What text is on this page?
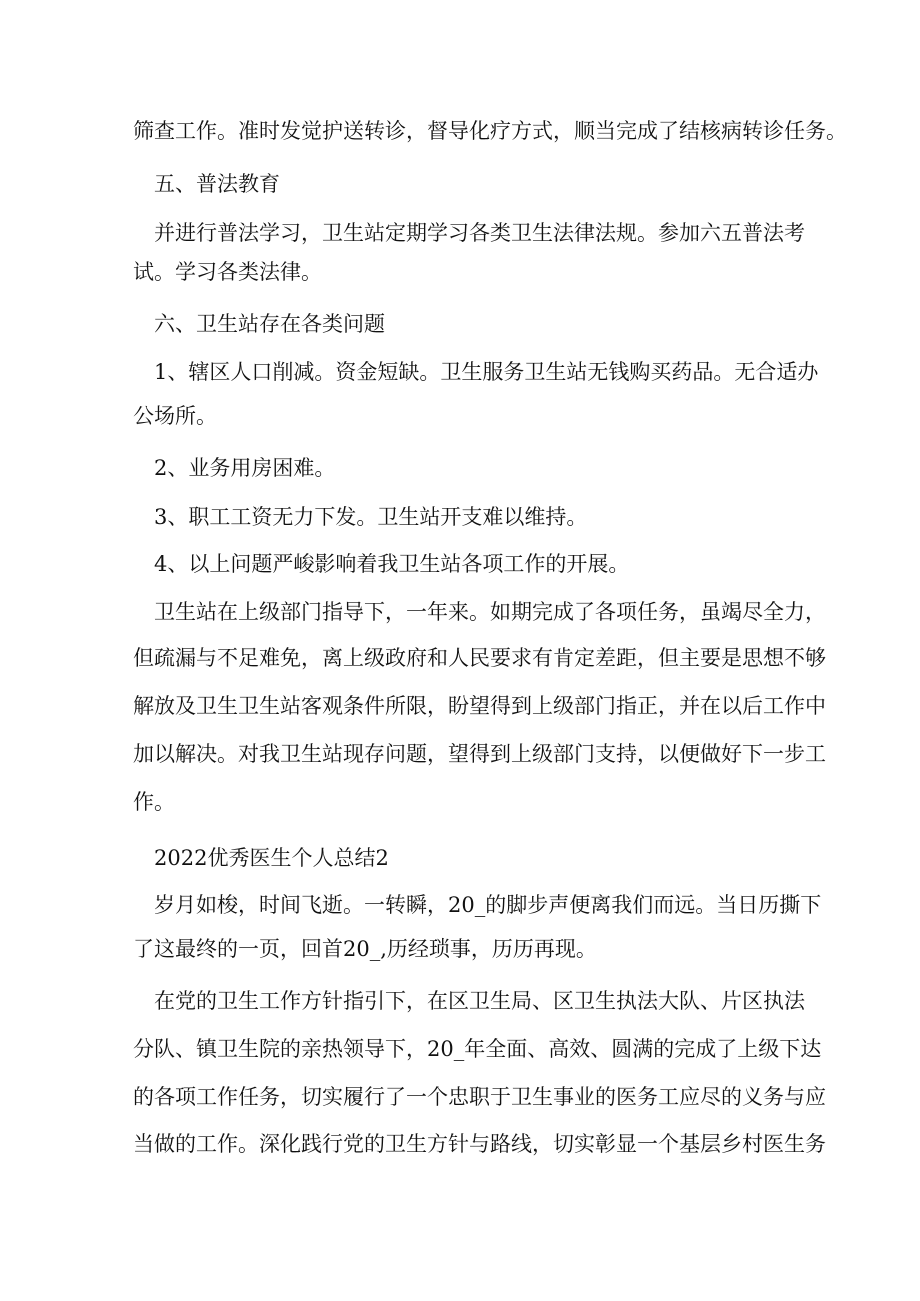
筛查工作。准时发觉护送转诊，督导化疗方式，顺当完成了结核病转诊任务。
五、普法教育
并进行普法学习，卫生站定期学习各类卫生法律法规。参加六五普法考
试。学习各类法律。
六、卫生站存在各类问题
1、辖区人口削减。资金短缺。卫生服务卫生站无钱购买药品。无合适办
公场所。
2、业务用房困难。
3、职工工资无力下发。卫生站开支难以维持。
4、以上问题严峻影响着我卫生站各项工作的开展。
卫生站在上级部门指导下，一年来。如期完成了各项任务，虽竭尽全力，
但疏漏与不足难免，离上级政府和人民要求有肯定差距，但主要是思想不够
解放及卫生卫生站客观条件所限，盼望得到上级部门指正，并在以后工作中
加以解决。对我卫生站现存问题，望得到上级部门支持，以便做好下一步工
作。
2022优秀医生个人总结2
岁月如梭，时间飞逝。一转瞬，20_的脚步声便离我们而远。当日历撕下
了这最终的一页，回首20_,历经琐事，历历再现。
在党的卫生工作方针指引下，在区卫生局、区卫生执法大队、片区执法
分队、镇卫生院的亲热领导下，20_年全面、高效、圆满的完成了上级下达
的各项工作任务，切实履行了一个忠职于卫生事业的医务工应尽的义务与应
当做的工作。深化践行党的卫生方针与路线，切实彰显一个基层乡村医生务
